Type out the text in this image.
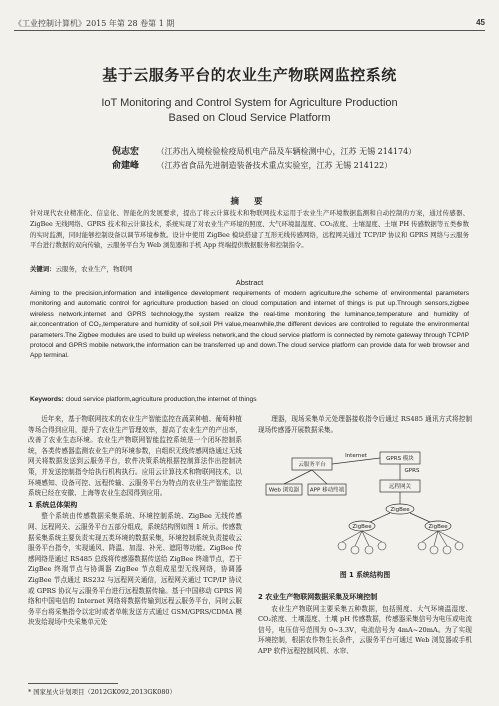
《工业控制计算机》2015 年第 28 卷第 1 期	45
基于云服务平台的农业生产物联网监控系统
IoT Monitoring and Control System for Agriculture Production
Based on Cloud Service Platform
倪志宏 （江苏出入境检验检疫局机电产品及车辆检测中心，江苏 无锡 214174）
俞建峰 （江苏省食品先进制造装备技术重点实验室，江苏 无锡 214122）
摘 要
针对现代农业精准化、信息化、智能化的发展要求，提出了将云计算技术和物联网技术运用于农业生产环境数据监测和自动控制的方案，通过传感器、ZigBee 无线网络、GPRS 技术和云计算技术，系统实现了对农业生产环境的照度、大气环境温湿度、CO₂浓度、土壤湿度、土壤 PH 传感数据等五类参数的实时监测，同时能够控制设备以调节环境参数。设计中使用 ZigBee 模块搭建了互形无线传感网络，远程网关通过 TCP/IP 协议和 GPRS 网络与云服务平台进行数据的双向传输，云服务平台为 Web 浏览器和手机 App 终端提供数据服务和控制指令。
关键词：云服务，农业生产，物联网
Abstract
Aiming to the precision,information and intelligence development requirements of modern agriculture,the scheme of environmental parameters monitoring and automatic control for agriculture production based on cloud computation and internet of things is put up.Through sensors,zigbee wireless network,internet and GPRS technology,the system realize the real-time monitoring the luminance,temperature and humidity of air,concentration of CO₂,temperature and humidity of soil,soil PH value,meanwhile,the different devices are controlled to regulate the environmental parameters.The Zigbee modules are used to build up wireless network,and the cloud service platform is connected by remote gateway through TCP/IP protocol and GPRS mobile network,the information can be transferred up and down.The cloud service platform can provide data for web browser and App terminal.
Keywords: cloud service platform,agriculture production,the internet of things

近年来，基于物联网技术的农业生产智能监控在蔬菜种植、葡萄种植等场合得到应用，提升了农业生产管理效率，提高了农业生产的产出率，改善了农业生态环境。农业生产物联网智能监控系统是一个闭环控制系统，各类传感器监测农业生产的环境参数，自组织无线传感网络通过无线网关将数据发送到云服务平台，软件决策系统根据控制算法作出控制决策，并发送控制指令给执行机构执行。应用云计算技术和物联网技术，以环境感知、设备可控、远程传输、云服务平台为特点的农业生产智能监控系统已经在安徽、上海等农业生态园得到应用。

1 系统总体架构

整个系统由传感数据采集系统、环境控制系统、ZigBee 无线传感网、远程网关、云服务平台五部分组成，系统结构图如图 1 所示。传感数据采集系统主要负责实现五类环境的数据采集，环境控制系统负责接收云服务平台指令，实现通风、降温、加湿、补光、遮阳等功能。ZigBee 传感网络是通过 RS485 总线将传感器数据传送给 ZigBee 终端节点，若干 ZigBee 终端节点与协调器 ZigBee 节点组成星型无线网络，协调器 ZigBee 节点通过 RS232 与远程网关通信，远程网关通过 TCP/IP 协议或 GPRS 协议与云服务平台进行远程数据传输。基于中国移动 GPRS 网络和中国电信的 Internet 网络将数据传输到远程云服务平台，同时云服务平台将采集指令以定时或者单帐发送方式通过 GSM/GPRS/CDMA 模块发给现场中央采集单元处

理器，现场采集单元处理器接收指令后通过 RS485 通讯方式将控制现场传感器开展数据采集。

云服务平台
GPRS 模块
Web 浏览器 APP 移动终端
远程网关
Internet
GPRS
ZigBee
ZigBee	ZigBee
图 1 系统结构图
2 农业生产物联网数据采集及环境控制

农业生产物联网主要采集五种数据，包括照度、大气环境温湿度、CO₂浓度、土壤湿度、土壤 pH 传感数据，传感器采集信号为电压或电流信号，电压信号范围为 0~3.3V，电流信号为 4mA~20mA。为了实现环境控制，根据农作物生长条件，云服务平台可通过 Web 浏览器或手机 APP 软件远程控制风机、水帘、

* 国家星火计划项目（2012GK092,2013GK080）
